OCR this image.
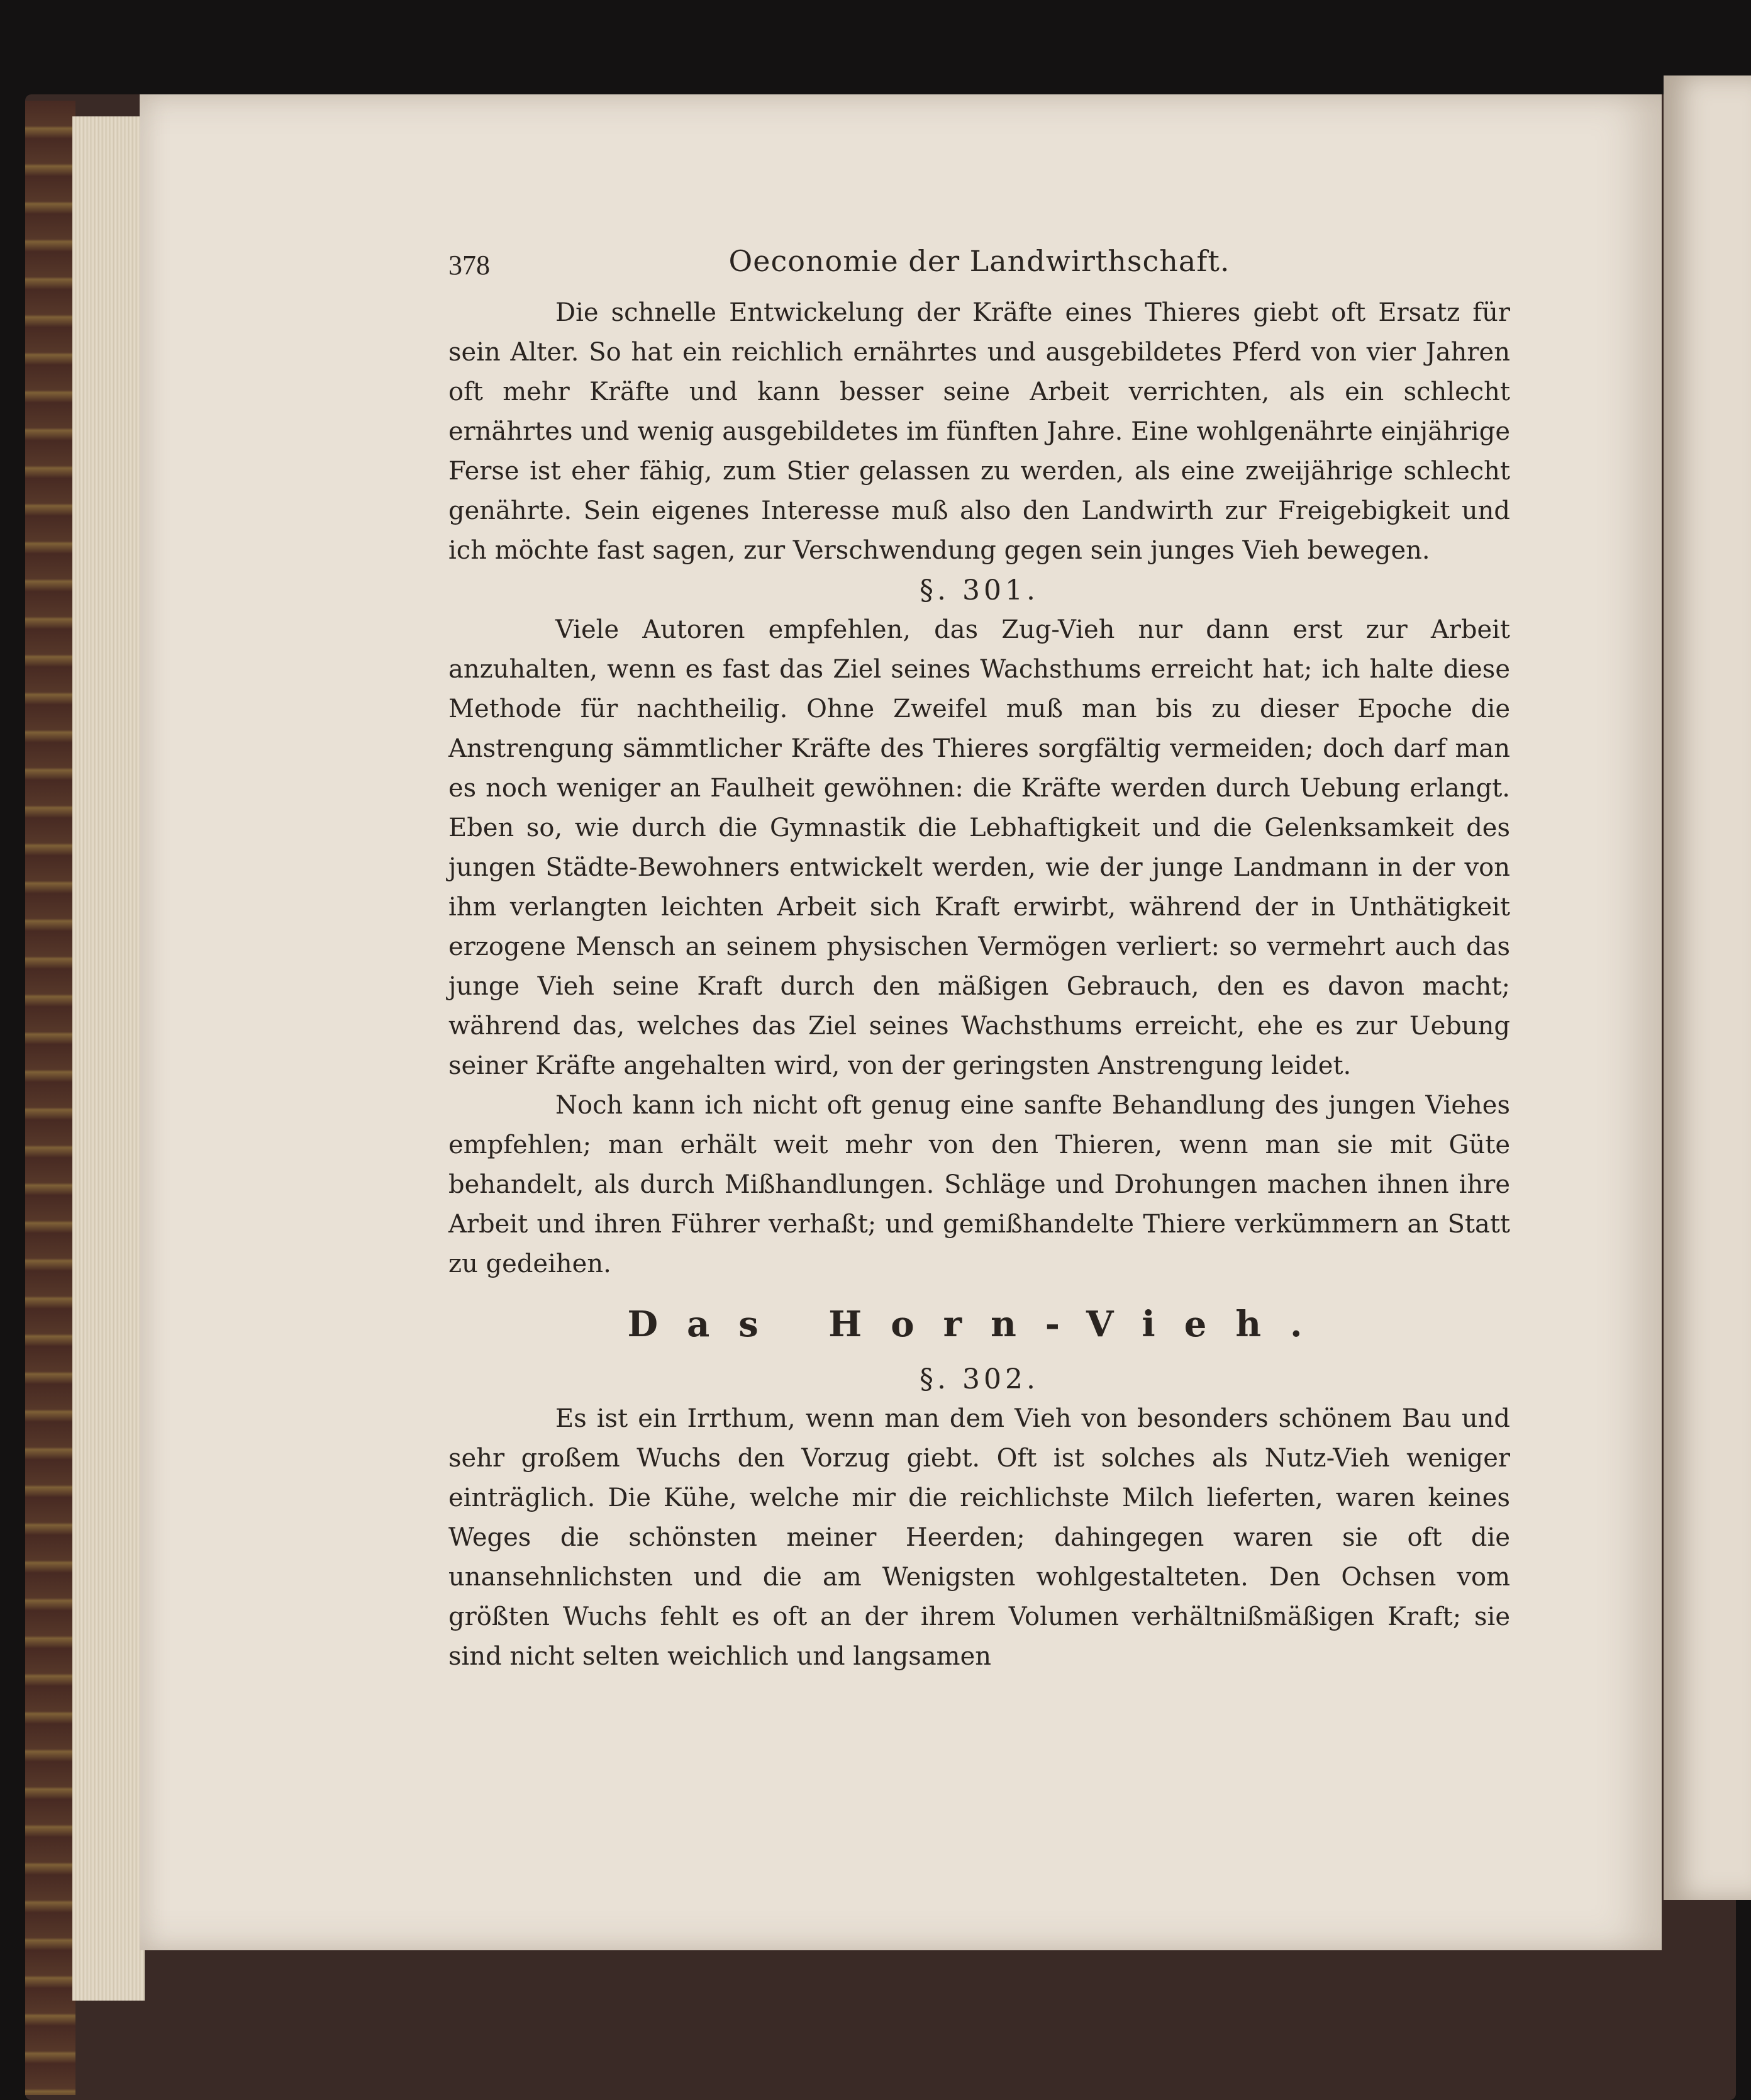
378	Oeconomie der Landwirthschaft.

Die schnelle Entwickelung der Kräfte eines Thieres giebt oft Ersatz für sein Alter. So hat ein reichlich ernährtes und ausgebildetes Pferd von vier Jahren oft mehr Kräfte und kann besser seine Arbeit verrichten, als ein schlecht ernährtes und wenig ausgebildetes im fünften Jahre. Eine wohlgenährte einjährige Ferse ist eher fähig, zum Stier gelassen zu werden, als eine zweijährige schlecht genährte. Sein eigenes Interesse muß also den Landwirth zur Freigebigkeit und ich möchte fast sagen, zur Verschwendung gegen sein junges Vieh bewegen.

§. 301.

Viele Autoren empfehlen, das Zug-Vieh nur dann erst zur Arbeit anzuhalten, wenn es fast das Ziel seines Wachsthums erreicht hat; ich halte diese Methode für nachtheilig. Ohne Zweifel muß man bis zu dieser Epoche die Anstrengung sämmtlicher Kräfte des Thieres sorgfältig vermeiden; doch darf man es noch weniger an Faulheit gewöhnen: die Kräfte werden durch Uebung erlangt. Eben so, wie durch die Gymnastik die Lebhaftigkeit und die Gelenksamkeit des jungen Städte-Bewohners entwickelt werden, wie der junge Landmann in der von ihm verlangten leichten Arbeit sich Kraft erwirbt, während der in Unthätigkeit erzogene Mensch an seinem physischen Vermögen verliert: so vermehrt auch das junge Vieh seine Kraft durch den mäßigen Gebrauch, den es davon macht; während das, welches das Ziel seines Wachsthums erreicht, ehe es zur Uebung seiner Kräfte angehalten wird, von der geringsten Anstrengung leidet.

Noch kann ich nicht oft genug eine sanfte Behandlung des jungen Viehes empfehlen; man erhält weit mehr von den Thieren, wenn man sie mit Güte behandelt, als durch Mißhandlungen. Schläge und Drohungen machen ihnen ihre Arbeit und ihren Führer verhaßt; und gemißhandelte Thiere verkümmern an Statt zu gedeihen.

Das Horn-Vieh.

§. 302.

Es ist ein Irrthum, wenn man dem Vieh von besonders schönem Bau und sehr großem Wuchs den Vorzug giebt. Oft ist solches als Nutz-Vieh weniger einträglich. Die Kühe, welche mir die reichlichste Milch lieferten, waren keines Weges die schönsten meiner Heerden; dahingegen waren sie oft die unansehnlichsten und die am Wenigsten wohlgestalteten. Den Ochsen vom größten Wuchs fehlt es oft an der ihrem Volumen verhältnißmäßigen Kraft; sie sind nicht selten weichlich und langsamen
